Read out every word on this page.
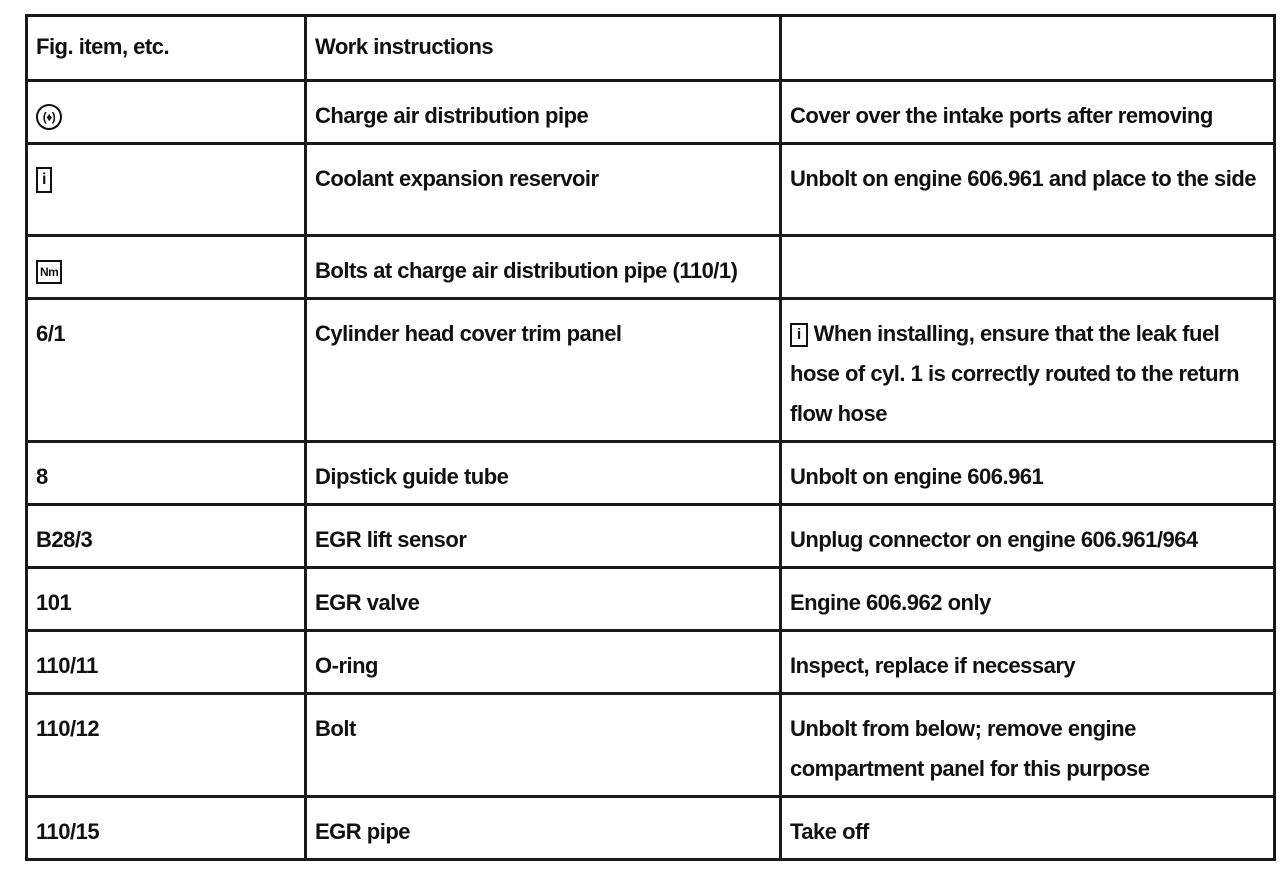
Fig. item, etc.	Work instructions	
(♦)	Charge air distribution pipe	Cover over the intake ports after removing
i	Coolant expansion reservoir	Unbolt on engine 606.961 and place to the side
Nm	Bolts at charge air distribution pipe (110/1)	
6/1	Cylinder head cover trim panel	i When installing, ensure that the leak fuel hose of cyl. 1 is correctly routed to the return flow hose
8	Dipstick guide tube	Unbolt on engine 606.961
B28/3	EGR lift sensor	Unplug connector on engine 606.961/964
101	EGR valve	Engine 606.962 only
110/11	O-ring	Inspect, replace if necessary
110/12	Bolt	Unbolt from below; remove engine compartment panel for this purpose
110/15	EGR pipe	Take off
